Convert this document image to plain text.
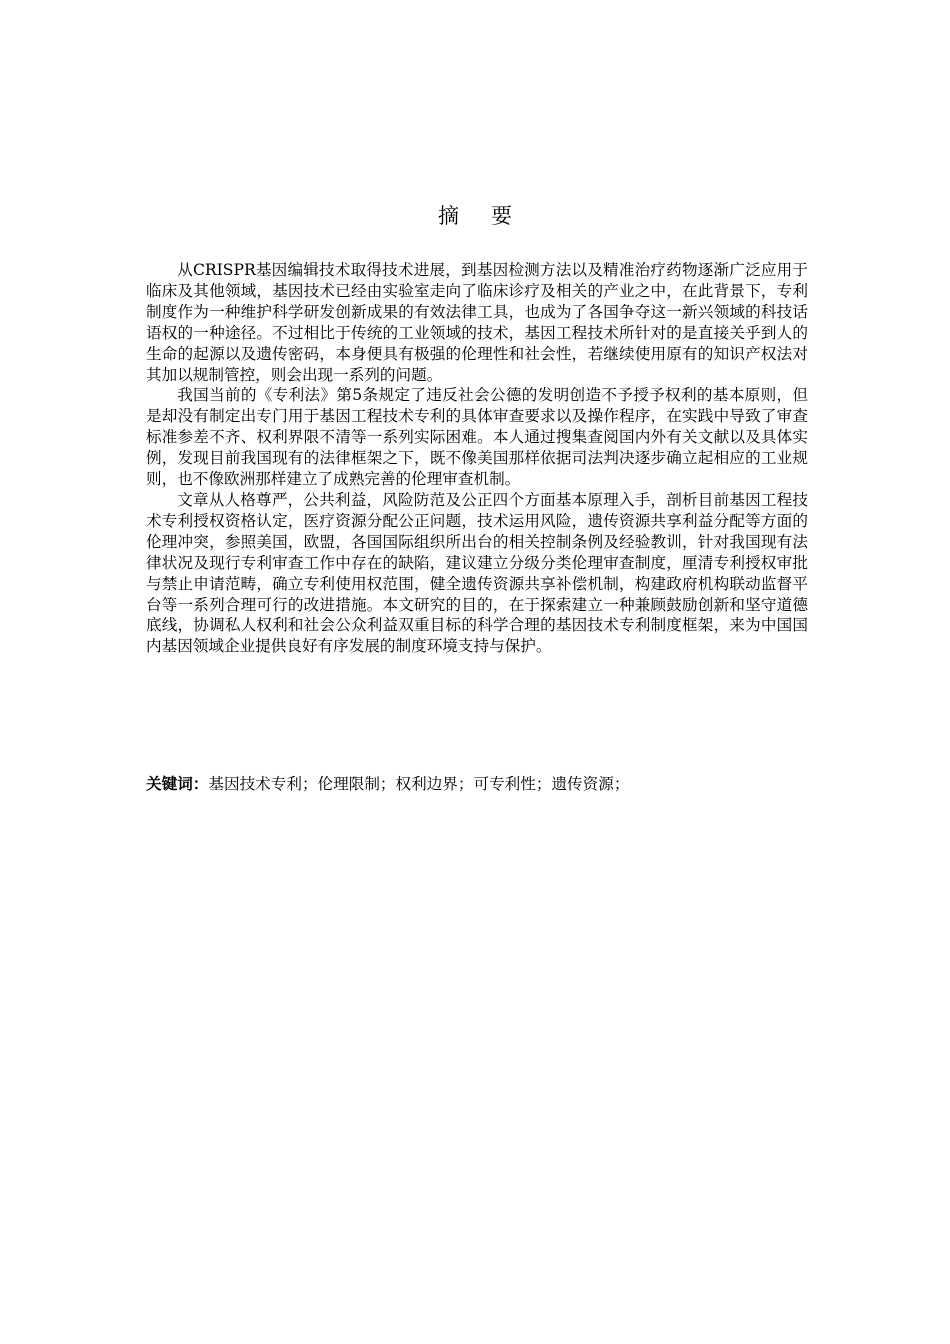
摘要

从CRISPR基因编辑技术取得技术进展，到基因检测方法以及精准治疗药物逐渐广泛应用于临床及其他领域，基因技术已经由实验室走向了临床诊疗及相关的产业之中，在此背景下，专利制度作为一种维护科学研发创新成果的有效法律工具，也成为了各国争夺这一新兴领域的科技话语权的一种途径。不过相比于传统的工业领域的技术，基因工程技术所针对的是直接关乎到人的生命的起源以及遗传密码，本身便具有极强的伦理性和社会性，若继续使用原有的知识产权法对其加以规制管控，则会出现一系列的问题。

我国当前的《专利法》第5条规定了违反社会公德的发明创造不予授予权利的基本原则，但是却没有制定出专门用于基因工程技术专利的具体审查要求以及操作程序，在实践中导致了审查标准参差不齐、权利界限不清等一系列实际困难。本人通过搜集查阅国内外有关文献以及具体实例，发现目前我国现有的法律框架之下，既不像美国那样依据司法判决逐步确立起相应的工业规则，也不像欧洲那样建立了成熟完善的伦理审查机制。

文章从人格尊严，公共利益，风险防范及公正四个方面基本原理入手，剖析目前基因工程技术专利授权资格认定，医疗资源分配公正问题，技术运用风险，遗传资源共享利益分配等方面的伦理冲突，参照美国，欧盟，各国国际组织所出台的相关控制条例及经验教训，针对我国现有法律状况及现行专利审查工作中存在的缺陷，建议建立分级分类伦理审查制度，厘清专利授权审批与禁止申请范畴，确立专利使用权范围，健全遗传资源共享补偿机制，构建政府机构联动监督平台等一系列合理可行的改进措施。本文研究的目的，在于探索建立一种兼顾鼓励创新和坚守道德底线，协调私人权利和社会公众利益双重目标的科学合理的基因技术专利制度框架，来为中国国内基因领域企业提供良好有序发展的制度环境支持与保护。

关键词：基因技术专利；伦理限制；权利边界；可专利性；遗传资源；
